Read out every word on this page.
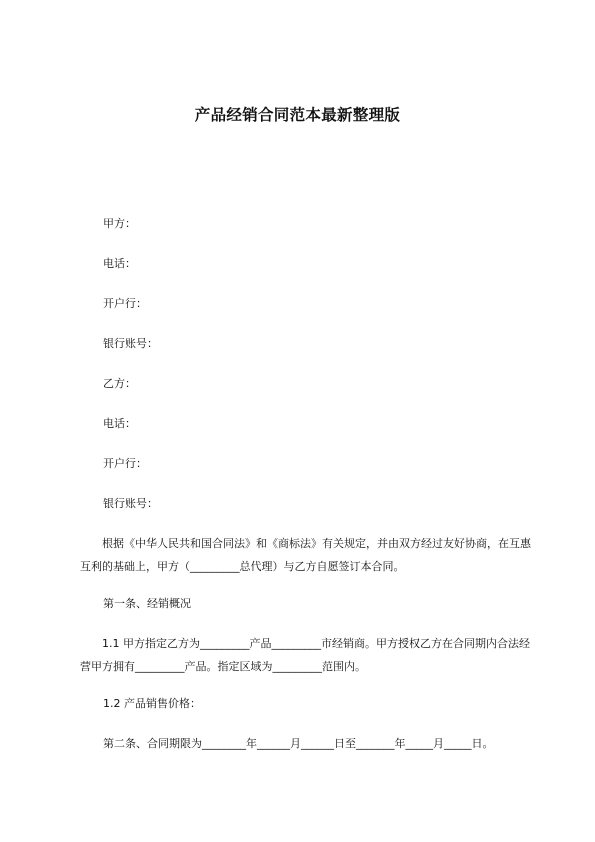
产品经销合同范本最新整理版
甲方：
电话：
开户行：
银行账号：
乙方：
电话：
开户行：
银行账号：
根据《中华人民共和国合同法》和《商标法》有关规定，并由双方经过友好协商，在互惠互利的基础上，甲方（_________总代理）与乙方自愿签订本合同。
第一条、经销概况
1.1 甲方指定乙方为_________产品_________市经销商。甲方授权乙方在合同期内合法经营甲方拥有_________产品。指定区域为_________范围内。
1.2 产品销售价格：
第二条、合同期限为________年______月______日至_______年_____月_____日。
